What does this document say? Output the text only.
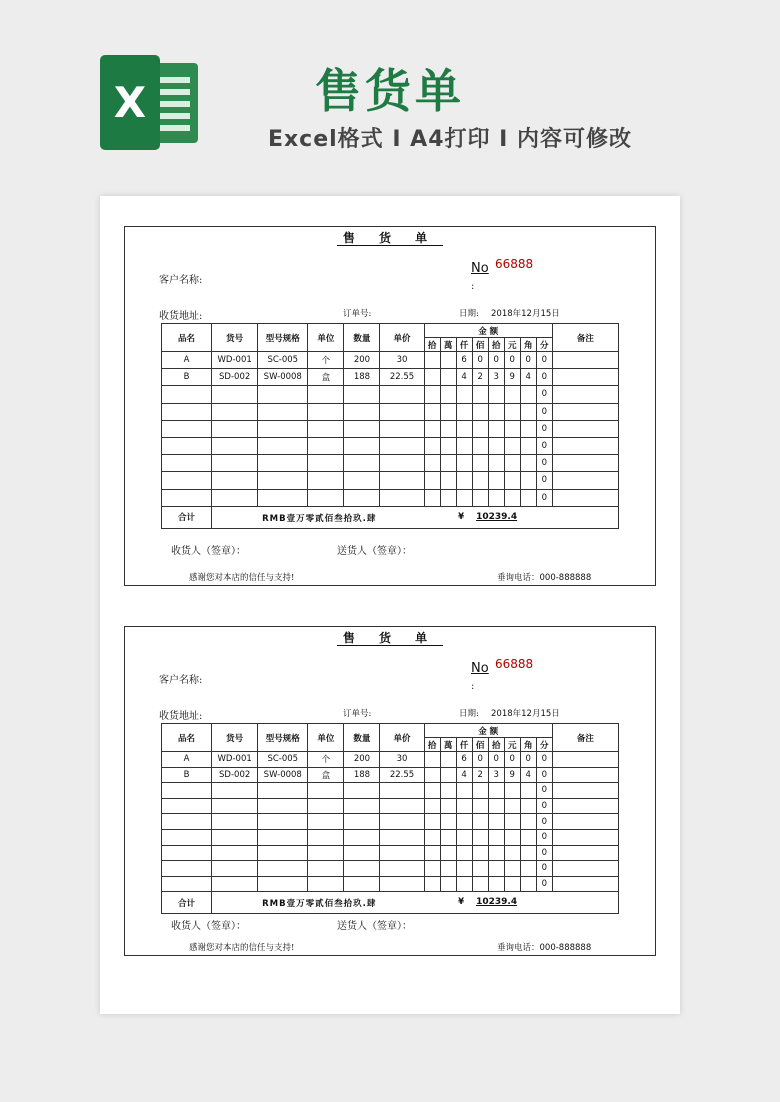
X	售货单
Excel格式 I A4打印 I 内容可修改
售 货 单
客户名称:
No
:
66888
收货地址:	订单号:	日期: 2018年12月15日
品名	货号	型号规格	单位	数量	单价	金 额								备注
						拾	萬	仟	佰	拾	元	角	分	
A	WD-001	SC-005	个	200	30			6	0	0	0	0	0	
B	SD-002	SW-0008	盒	188	22.55			4	2	3	9	4	0	
													0	
													0	
													0	
													0	
													0	
													0	
													0	
合计	RMB壹万零贰佰叁拾玖.肆 ¥ 10239.4													
收货人（签章）：	送货人（签章）：
感谢您对本店的信任与支持!	垂询电话：000-888888
售 货 单
客户名称:
No
:
66888
收货地址:	订单号:	日期: 2018年12月15日
品名	货号	型号规格	单位	数量	单价	金 额								备注
						拾	萬	仟	佰	拾	元	角	分	
A	WD-001	SC-005	个	200	30			6	0	0	0	0	0	
B	SD-002	SW-0008	盒	188	22.55			4	2	3	9	4	0	
													0	
													0	
													0	
													0	
													0	
													0	
													0	
合计	RMB壹万零贰佰叁拾玖.肆 ¥ 10239.4													
收货人（签章）：	送货人（签章）：
感谢您对本店的信任与支持!	垂询电话：000-888888
